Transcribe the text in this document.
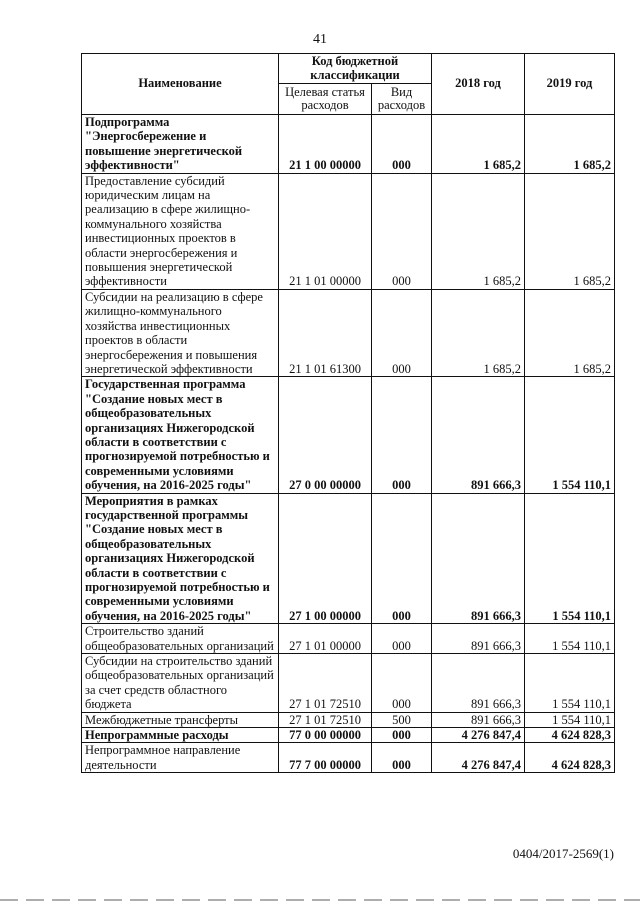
41
Наименование	Код бюджетной классификации		2018 год	2019 год
	Целевая статья расходов	Вид расходов		
Подпрограмма "Энергосбережение и повышение энергетической эффективности"	21 1 00 00000	000	1 685,2	1 685,2
Предоставление субсидий юридическим лицам на реализацию в сфере жилищно-коммунального хозяйства инвестиционных проектов в области энергосбережения и повышения энергетической эффективности	21 1 01 00000	000	1 685,2	1 685,2
Субсидии на реализацию в сфере жилищно-коммунального хозяйства инвестиционных проектов в области энергосбережения и повышения энергетической эффективности	21 1 01 61300	000	1 685,2	1 685,2
Государственная программа "Создание новых мест в общеобразовательных организациях Нижегородской области в соответствии с прогнозируемой потребностью и современными условиями обучения, на 2016-2025 годы"	27 0 00 00000	000	891 666,3	1 554 110,1
Мероприятия в рамках государственной программы "Создание новых мест в общеобразовательных организациях Нижегородской области в соответствии с прогнозируемой потребностью и современными условиями обучения, на 2016-2025 годы"	27 1 00 00000	000	891 666,3	1 554 110,1
Строительство зданий общеобразовательных организаций	27 1 01 00000	000	891 666,3	1 554 110,1
Субсидии на строительство зданий общеобразовательных организаций за счет средств областного бюджета	27 1 01 72510	000	891 666,3	1 554 110,1
Межбюджетные трансферты	27 1 01 72510	500	891 666,3	1 554 110,1
Непрограммные расходы	77 0 00 00000	000	4 276 847,4	4 624 828,3
Непрограммное направление деятельности	77 7 00 00000	000	4 276 847,4	4 624 828,3
0404/2017-2569(1)
